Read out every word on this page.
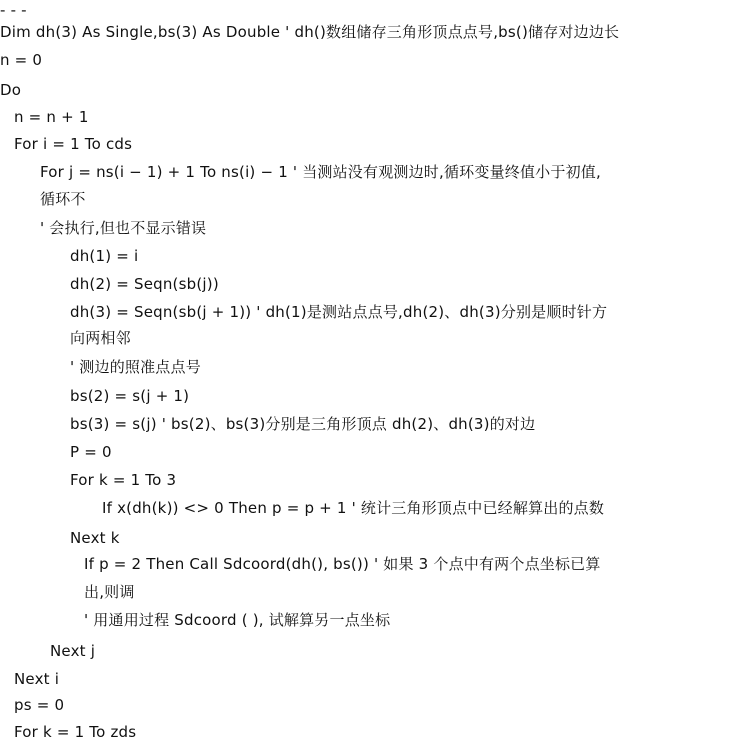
- - -
Dim dh(3) As Single,bs(3) As Double ' dh()数组储存三角形顶点点号,bs()储存对边边长
n = 0
Do
n = n + 1
For i = 1 To cds
For j = ns(i − 1) + 1 To ns(i) − 1 ' 当测站没有观测边时,循环变量终值小于初值,
循环不
' 会执行,但也不显示错误
dh(1) = i
dh(2) = Seqn(sb(j))
dh(3) = Seqn(sb(j + 1)) ' dh(1)是测站点点号,dh(2)、dh(3)分别是顺时针方
向两相邻
' 测边的照准点点号
bs(2) = s(j + 1)
bs(3) = s(j) ' bs(2)、bs(3)分别是三角形顶点 dh(2)、dh(3)的对边
P = 0
For k = 1 To 3
If x(dh(k)) <> 0 Then p = p + 1 ' 统计三角形顶点中已经解算出的点数
Next k
If p = 2 Then Call Sdcoord(dh(), bs()) ' 如果 3 个点中有两个点坐标已算
出,则调
' 用通用过程 Sdcoord ( ), 试解算另一点坐标
Next j
Next i
ps = 0
For k = 1 To zds
